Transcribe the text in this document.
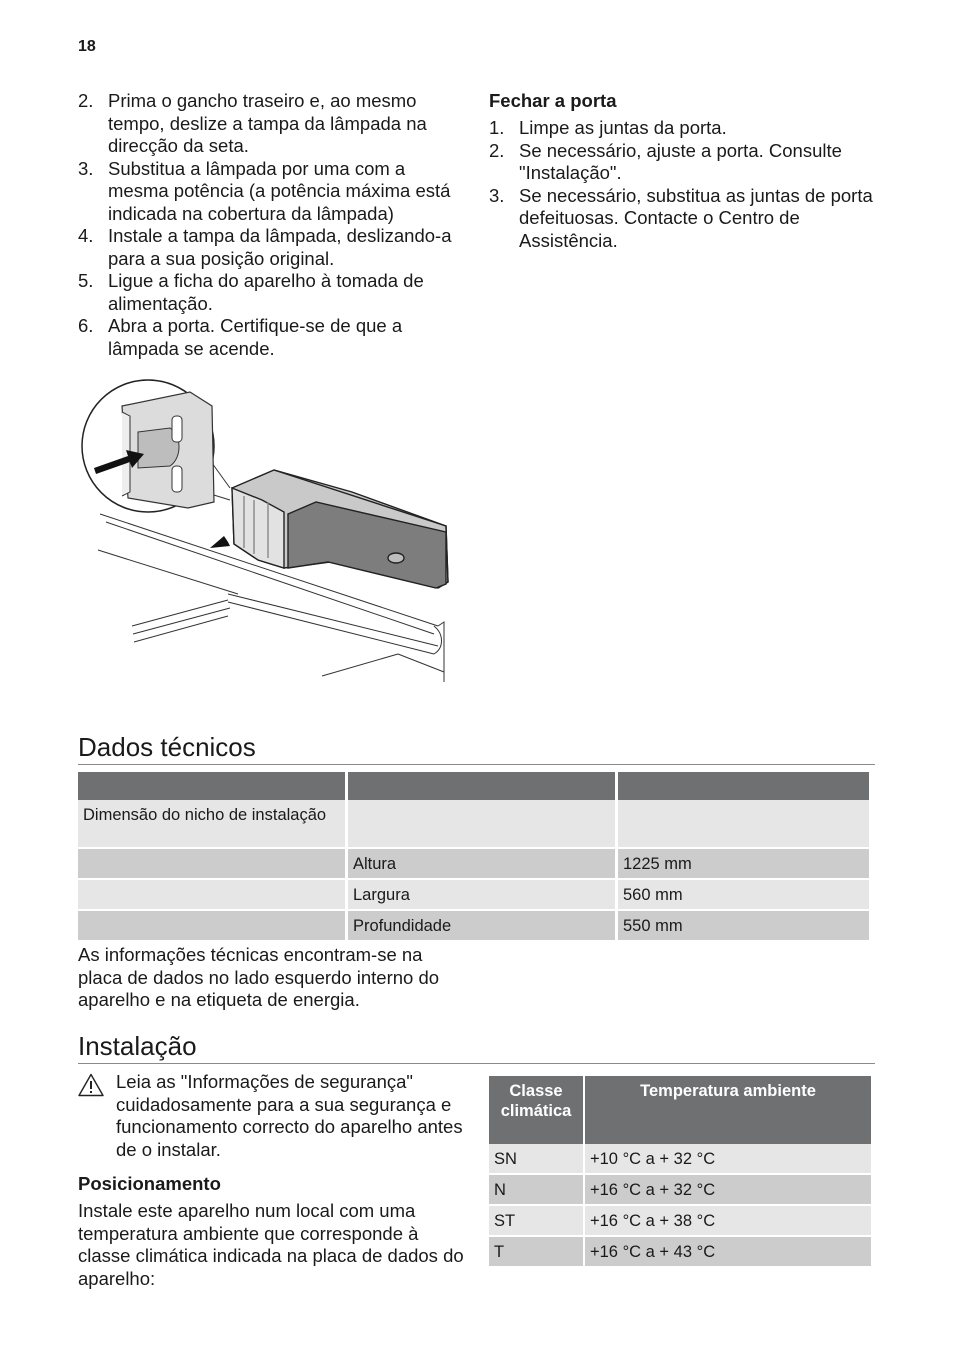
18
2. Prima o gancho traseiro e, ao mesmo tempo, deslize a tampa da lâmpada na direcção da seta.
3. Substitua a lâmpada por uma com a mesma potência (a potência máxima está indicada na cobertura da lâmpada)
4. Instale a tampa da lâmpada, deslizando-a para a sua posição original.
5. Ligue a ficha do aparelho à tomada de alimentação.
6. Abra a porta. Certifique-se de que a lâmpada se acende.
Fechar a porta
1. Limpe as juntas da porta.
2. Se necessário, ajuste a porta. Consulte "Instalação".
3. Se necessário, substitua as juntas de porta defeituosas. Contacte o Centro de Assistência.
Dados técnicos

Dimensão do nicho de instalação		
	Altura	1225 mm
	Largura	560 mm
	Profundidade	550 mm

As informações técnicas encontram-se na placa de dados no lado esquerdo interno do aparelho e na etiqueta de energia.

Instalação

Leia as "Informações de segurança" cuidadosamente para a sua segurança e funcionamento correcto do aparelho antes de o instalar.

Posicionamento

Instale este aparelho num local com uma temperatura ambiente que corresponde à classe climática indicada na placa de dados do aparelho:

Classe climática	Temperatura ambiente
SN	+10 °C a + 32 °C
N	+16 °C a + 32 °C
ST	+16 °C a + 38 °C
T	+16 °C a + 43 °C
